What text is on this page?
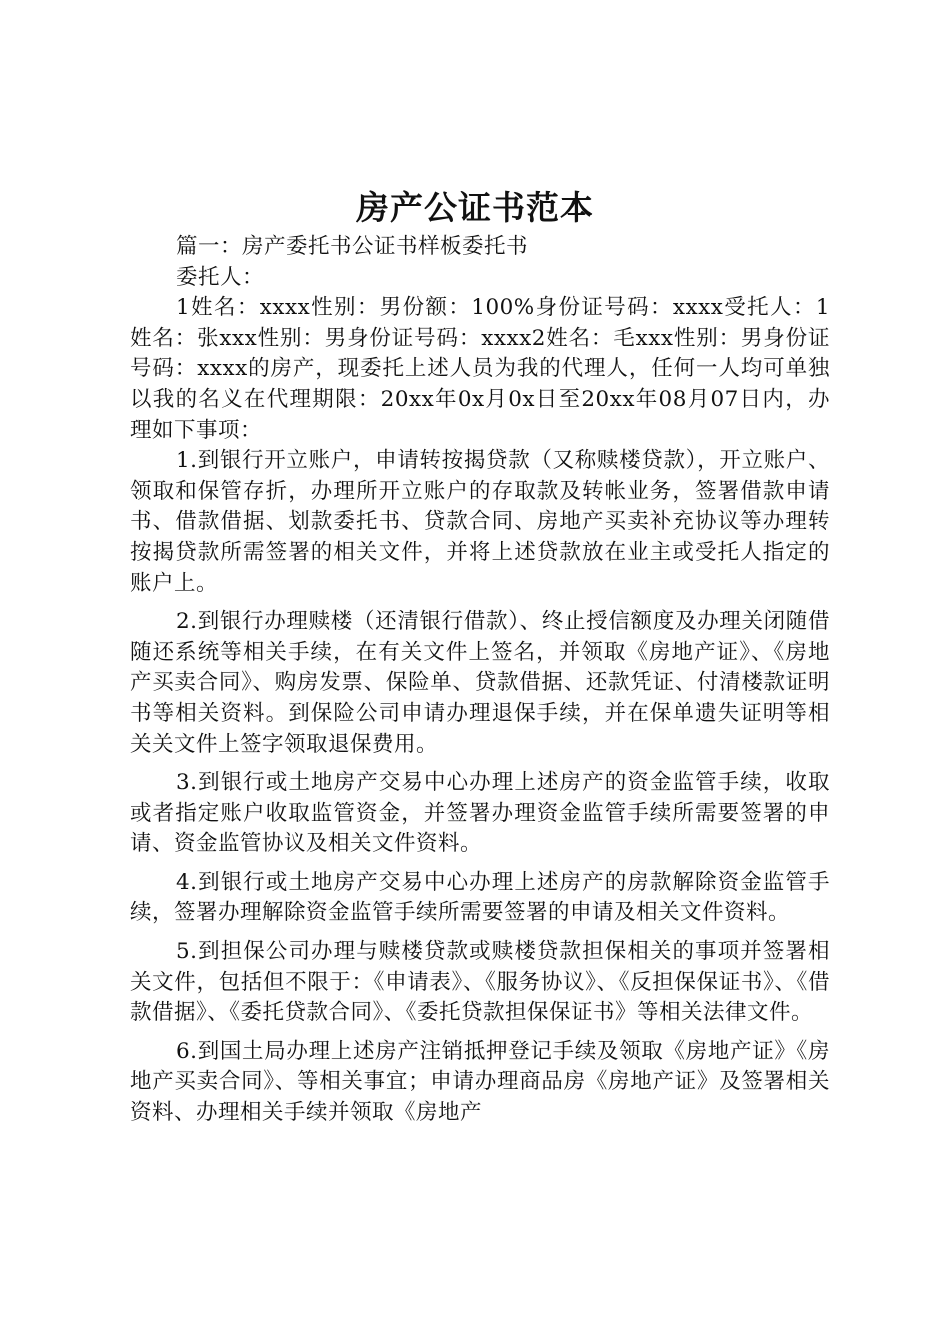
房产公证书范本

篇一：房产委托书公证书样板委托书

委托人：

1姓名：xxxx性别：男份额：100%身份证号码：xxxx受托人：1姓名：张xxx性别：男身份证号码：xxxx2姓名：毛xxx性别：男身份证号码：xxxx的房产，现委托上述人员为我的代理人，任何一人均可单独以我的名义在代理期限：20xx年0x月0x日至20xx年08月07日内，办理如下事项：

1.到银行开立账户，申请转按揭贷款（又称赎楼贷款），开立账户、领取和保管存折，办理所开立账户的存取款及转帐业务，签署借款申请书、借款借据、划款委托书、贷款合同、房地产买卖补充协议等办理转按揭贷款所需签署的相关文件，并将上述贷款放在业主或受托人指定的账户上。

2.到银行办理赎楼（还清银行借款）、终止授信额度及办理关闭随借随还系统等相关手续，在有关文件上签名，并领取《房地产证》、《房地产买卖合同》、购房发票、保险单、贷款借据、还款凭证、付清楼款证明书等相关资料。到保险公司申请办理退保手续，并在保单遗失证明等相关关文件上签字领取退保费用。

3.到银行或土地房产交易中心办理上述房产的资金监管手续，收取或者指定账户收取监管资金，并签署办理资金监管手续所需要签署的申请、资金监管协议及相关文件资料。

4.到银行或土地房产交易中心办理上述房产的房款解除资金监管手续，签署办理解除资金监管手续所需要签署的申请及相关文件资料。

5.到担保公司办理与赎楼贷款或赎楼贷款担保相关的事项并签署相关文件，包括但不限于：《申请表》、《服务协议》、《反担保保证书》、《借款借据》、《委托贷款合同》、《委托贷款担保保证书》等相关法律文件。

6.到国土局办理上述房产注销抵押登记手续及领取《房地产证》《房地产买卖合同》、等相关事宜；申请办理商品房《房地产证》及签署相关资料、办理相关手续并领取《房地产
